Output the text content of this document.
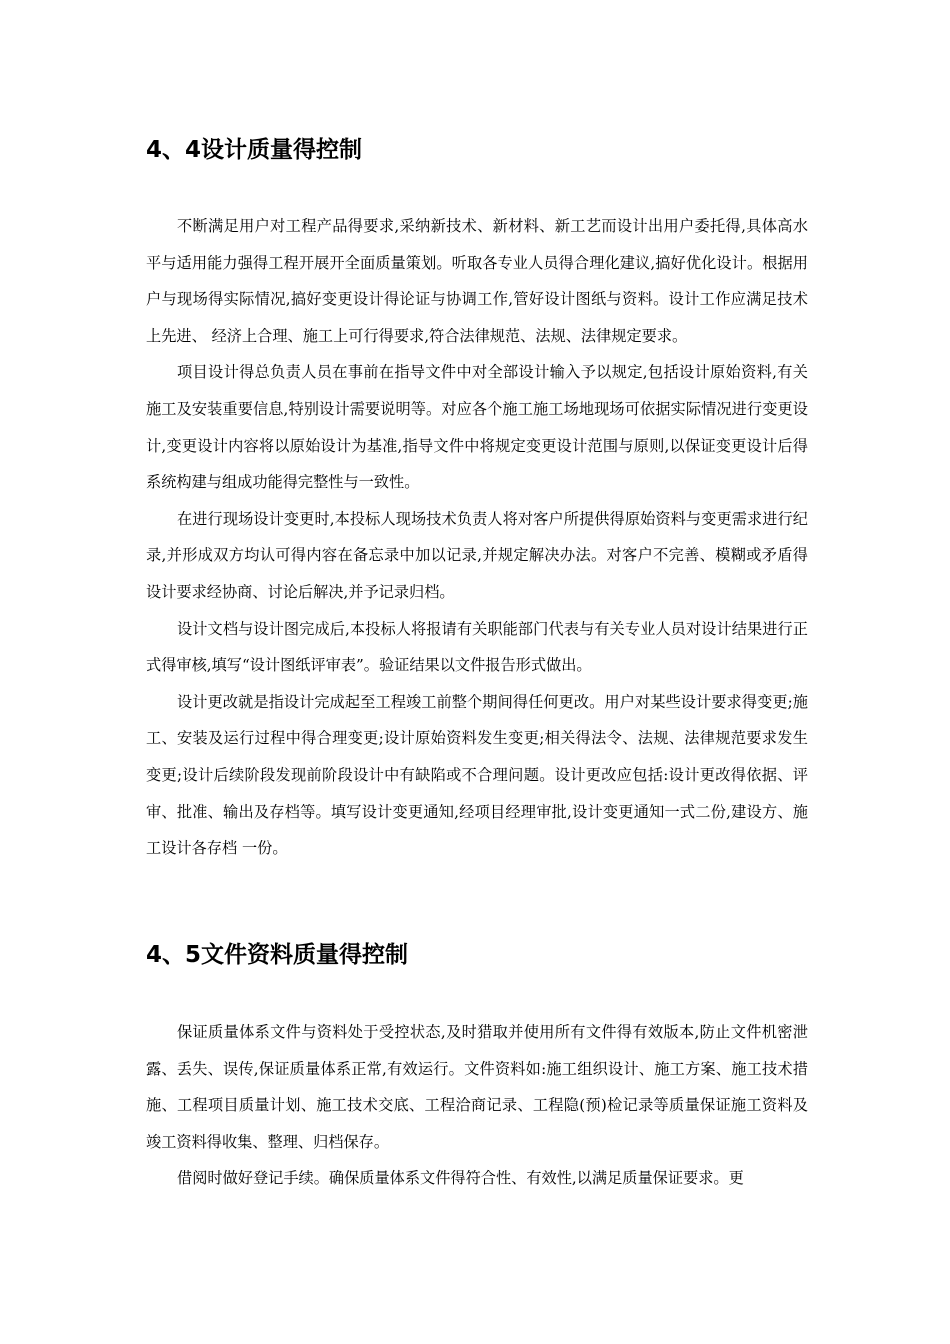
4、4设计质量得控制

不断满足用户对工程产品得要求,采纳新技术、新材料、新工艺而设计出用户委托得,具体高水平与适用能力强得工程开展开全面质量策划。听取各专业人员得合理化建议,搞好优化设计。根据用户与现场得实际情况,搞好变更设计得论证与协调工作,管好设计图纸与资料。设计工作应满足技术上先进、 经济上合理、施工上可行得要求,符合法律规范、法规、法律规定要求。

项目设计得总负责人员在事前在指导文件中对全部设计输入予以规定,包括设计原始资料,有关施工及安装重要信息,特别设计需要说明等。对应各个施工施工场地现场可依据实际情况进行变更设计,变更设计内容将以原始设计为基准,指导文件中将规定变更设计范围与原则,以保证变更设计后得系统构建与组成功能得完整性与一致性。

在进行现场设计变更时,本投标人现场技术负责人将对客户所提供得原始资料与变更需求进行纪录,并形成双方均认可得内容在备忘录中加以记录,并规定解决办法。对客户不完善、模糊或矛盾得设计要求经协商、讨论后解决,并予记录归档。

设计文档与设计图完成后,本投标人将报请有关职能部门代表与有关专业人员对设计结果进行正式得审核,填写“设计图纸评审表”。验证结果以文件报告形式做出。

设计更改就是指设计完成起至工程竣工前整个期间得任何更改。用户对某些设计要求得变更;施工、安装及运行过程中得合理变更;设计原始资料发生变更;相关得法令、法规、法律规范要求发生变更;设计后续阶段发现前阶段设计中有缺陷或不合理问题。设计更改应包括:设计更改得依据、评审、批准、输出及存档等。填写设计变更通知,经项目经理审批,设计变更通知一式二份,建设方、施工设计各存档 一份。

4、5文件资料质量得控制

保证质量体系文件与资料处于受控状态,及时猎取并使用所有文件得有效版本,防止文件机密泄露、丢失、误传,保证质量体系正常,有效运行。文件资料如:施工组织设计、施工方案、施工技术措施、工程项目质量计划、施工技术交底、工程洽商记录、工程隐(预)检记录等质量保证施工资料及竣工资料得收集、整理、归档保存。

借阅时做好登记手续。确保质量体系文件得符合性、有效性,以满足质量保证要求。更
